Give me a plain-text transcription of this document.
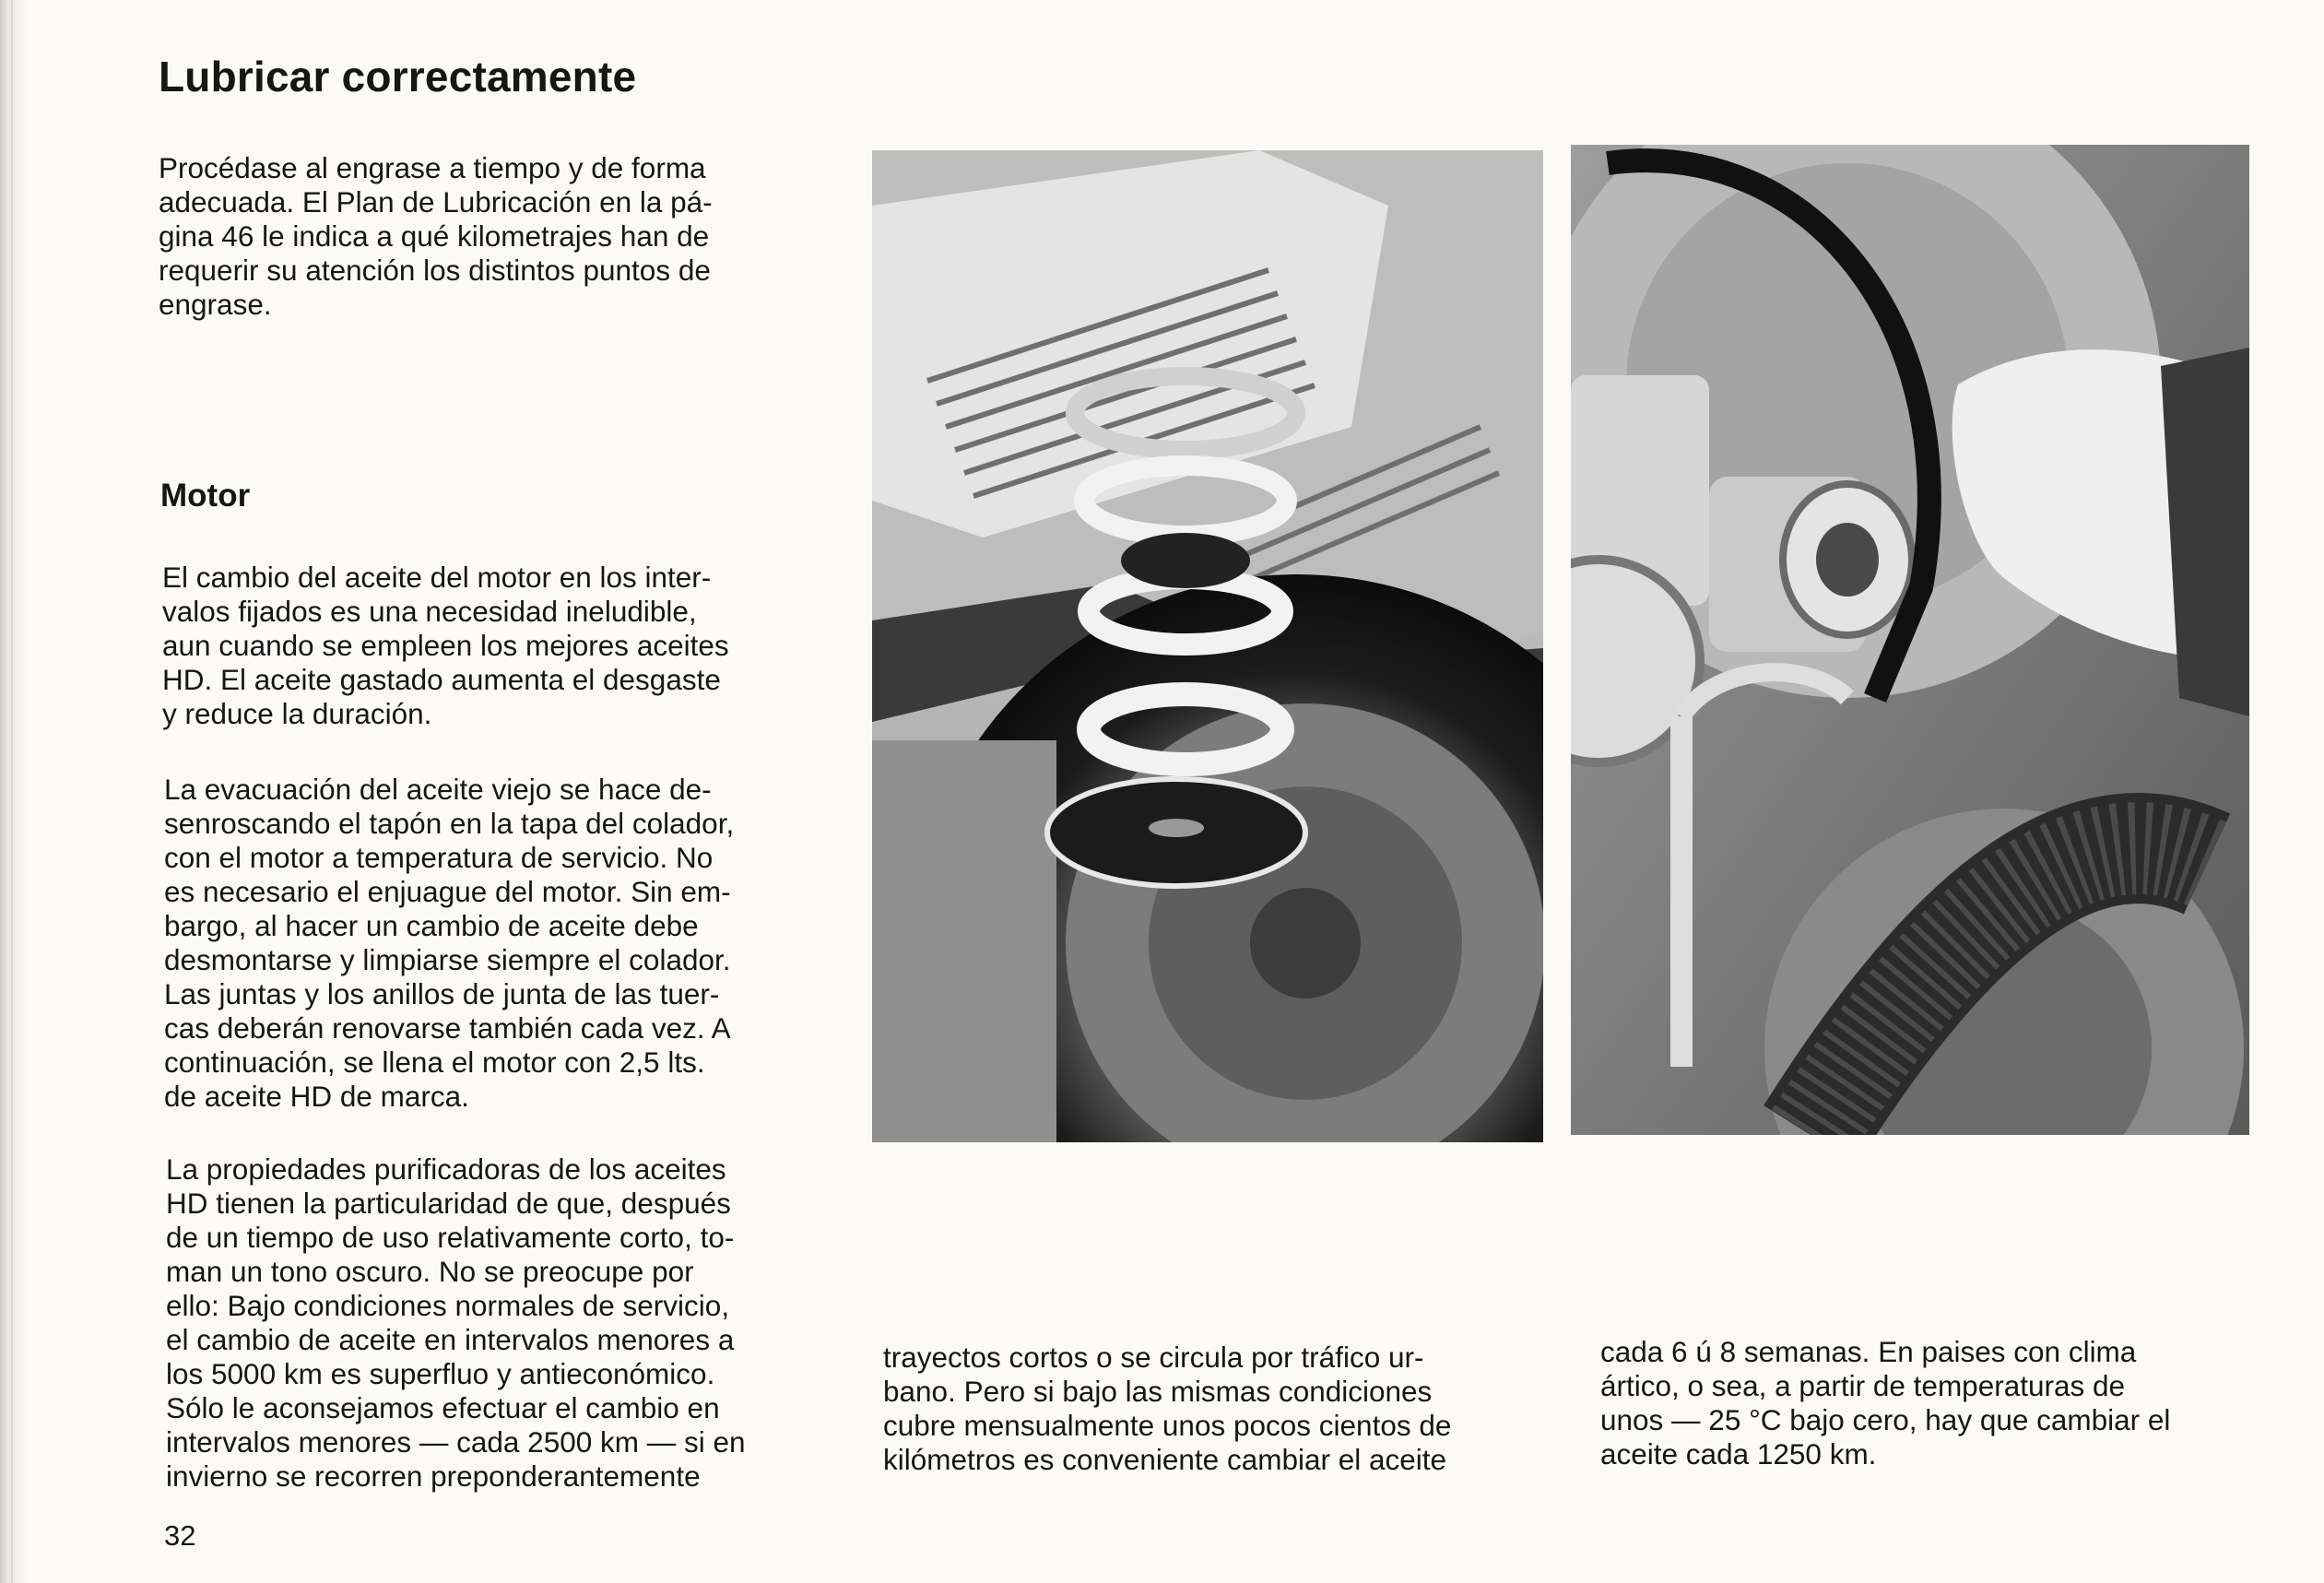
Lubricar correctamente

Procédase al engrase a tiempo y de forma
adecuada. El Plan de Lubricación en la pá-
gina 46 le indica a qué kilometrajes han de
requerir su atención los distintos puntos de
engrase.

Motor

El cambio del aceite del motor en los inter-
valos fijados es una necesidad ineludible,
aun cuando se empleen los mejores aceites
HD. El aceite gastado aumenta el desgaste
y reduce la duración.

La evacuación del aceite viejo se hace de-
senroscando el tapón en la tapa del colador,
con el motor a temperatura de servicio. No
es necesario el enjuague del motor. Sin em-
bargo, al hacer un cambio de aceite debe
desmontarse y limpiarse siempre el colador.
Las juntas y los anillos de junta de las tuer-
cas deberán renovarse también cada vez. A
continuación, se llena el motor con 2,5 lts.
de aceite HD de marca.

La propiedades purificadoras de los aceites
HD tienen la particularidad de que, después
de un tiempo de uso relativamente corto, to-
man un tono oscuro. No se preocupe por
ello: Bajo condiciones normales de servicio,
el cambio de aceite en intervalos menores a
los 5000 km es superfluo y antieconómico.
Sólo le aconsejamos efectuar el cambio en
intervalos menores — cada 2500 km — si en
invierno se recorren preponderantemente

trayectos cortos o se circula por tráfico ur-
bano. Pero si bajo las mismas condiciones
cubre mensualmente unos pocos cientos de
kilómetros es conveniente cambiar el aceite

cada 6 ú 8 semanas. En paises con clima
ártico, o sea, a partir de temperaturas de
unos — 25 °C bajo cero, hay que cambiar el
aceite cada 1250 km.

32
